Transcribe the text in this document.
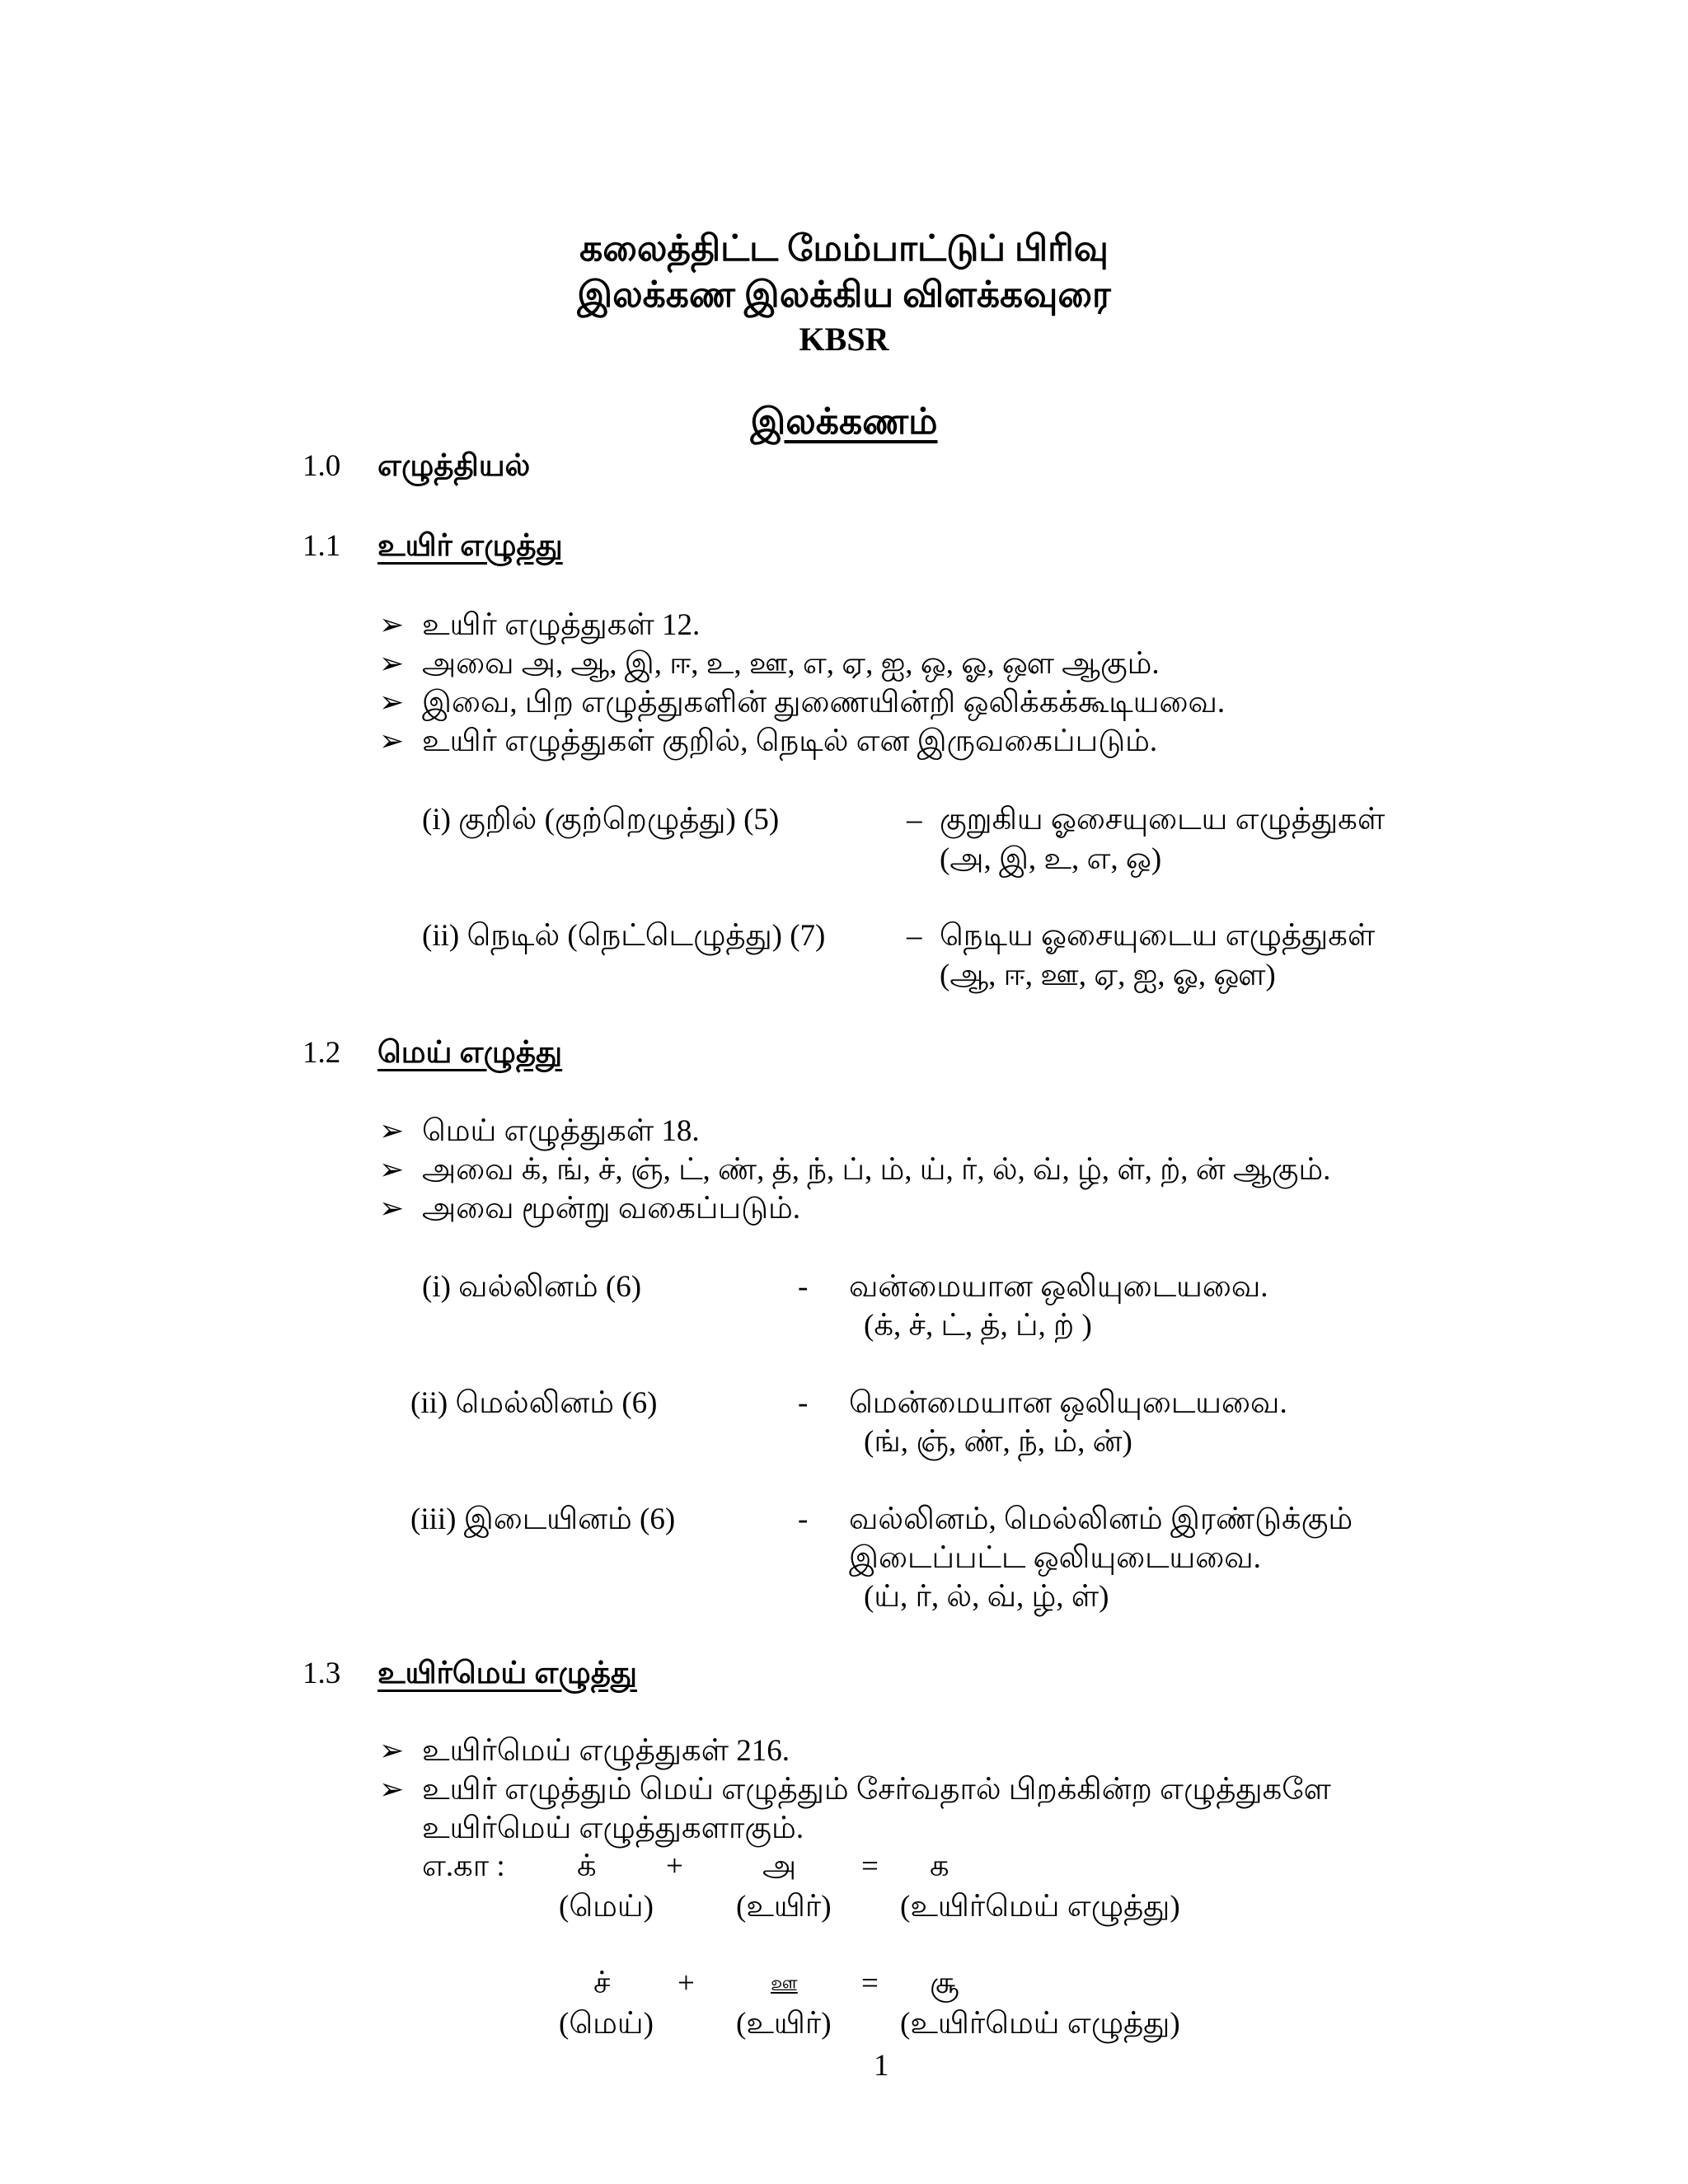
கலைத்திட்ட மேம்பாட்டுப் பிரிவு
இலக்கண இலக்கிய விளக்கவுரை
KBSR
இலக்கணம்
1.0 எழுத்தியல்
1.1 உயிர் எழுத்து
➢ உயிர் எழுத்துகள் 12.
➢ அவை அ, ஆ, இ, ஈ, உ, ஊ, எ, ஏ, ஐ, ஒ, ஓ, ஔ ஆகும்.
➢ இவை, பிற எழுத்துகளின் துணையின்றி ஒலிக்கக்கூடியவை.
➢ உயிர் எழுத்துகள் குறில், நெடில் என இருவகைப்படும்.
(i) குறில் (குற்றெழுத்து) (5)	– குறுகிய ஓசையுடைய எழுத்துகள்
(அ, இ, உ, எ, ஒ)
(ii) நெடில் (நெட்டெழுத்து) (7)	– நெடிய ஓசையுடைய எழுத்துகள்
(ஆ, ஈ, ஊ, ஏ, ஐ, ஓ, ஔ)
1.2 மெய் எழுத்து
➢ மெய் எழுத்துகள் 18.
➢ அவை க், ங், ச், ஞ், ட், ண், த், ந், ப், ம், ய், ர், ல், வ், ழ், ள், ற், ன் ஆகும்.
➢ அவை மூன்று வகைப்படும்.
(i) வல்லினம் (6)	- வன்மையான ஒலியுடையவை.
(க், ச், ட், த், ப், ற் )
(ii) மெல்லினம் (6)	- மென்மையான ஒலியுடையவை.
(ங், ஞ், ண், ந், ம், ன்)
(iii) இடையினம் (6)	- வல்லினம், மெல்லினம் இரண்டுக்கும்
இடைப்பட்ட ஒலியுடையவை.
(ய், ர், ல், வ், ழ், ள்)
1.3 உயிர்மெய் எழுத்து
➢ உயிர்மெய் எழுத்துகள் 216.
➢ உயிர் எழுத்தும் மெய் எழுத்தும் சேர்வதால் பிறக்கின்ற எழுத்துகளே
உயிர்மெய் எழுத்துகளாகும்.
எ.கா : க் +	அ = க
(மெய்)	(உயிர்) (உயிர்மெய் எழுத்து)
ச் +	ஊ = சூ
(மெய்)	(உயிர்) (உயிர்மெய் எழுத்து)
1
